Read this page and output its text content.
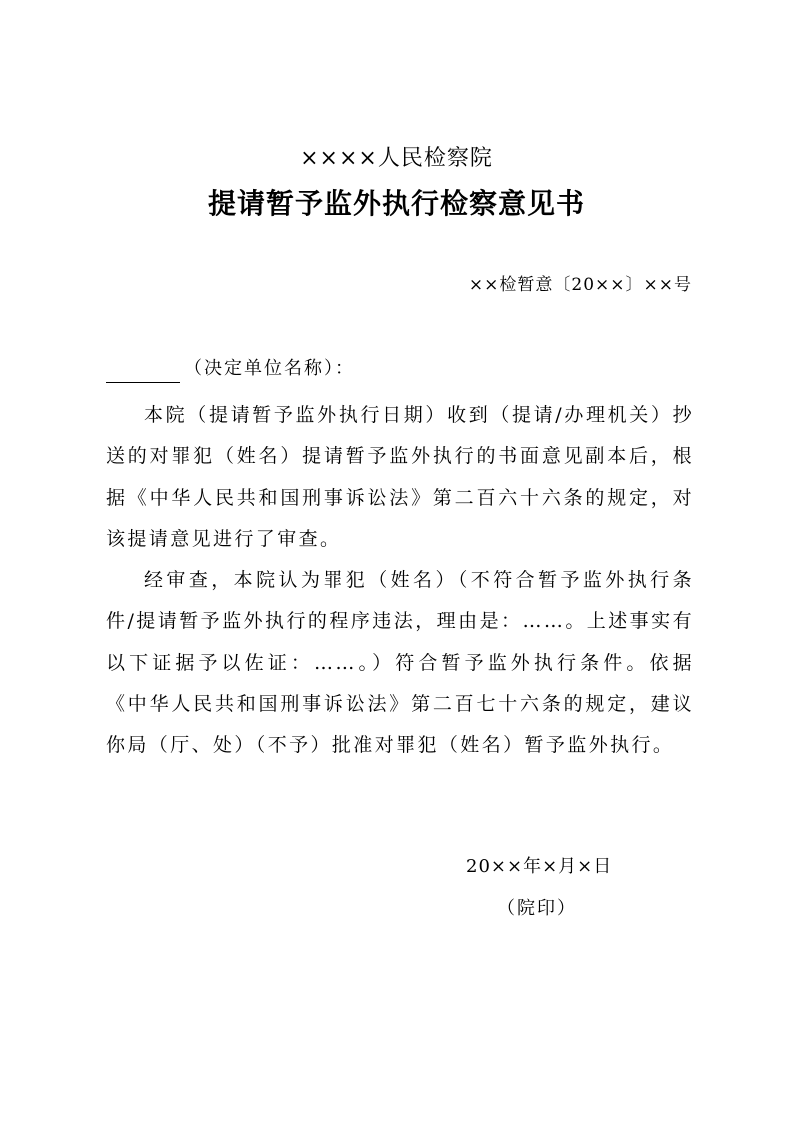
××××人民检察院
提请暂予监外执行检察意见书
××检暂意〔20××〕××号
（决定单位名称）：

本院（提请暂予监外执行日期）收到（提请/办理机关）抄送的对罪犯（姓名）提请暂予监外执行的书面意见副本后，根据《中华人民共和国刑事诉讼法》第二百六十六条的规定，对该提请意见进行了审查。

经审查，本院认为罪犯（姓名）（不符合暂予监外执行条件/提请暂予监外执行的程序违法，理由是：……。上述事实有以下证据予以佐证：……。）符合暂予监外执行条件。依据《中华人民共和国刑事诉讼法》第二百七十六条的规定，建议你局（厅、处）（不予）批准对罪犯（姓名）暂予监外执行。

20××年×月×日
（院印）
